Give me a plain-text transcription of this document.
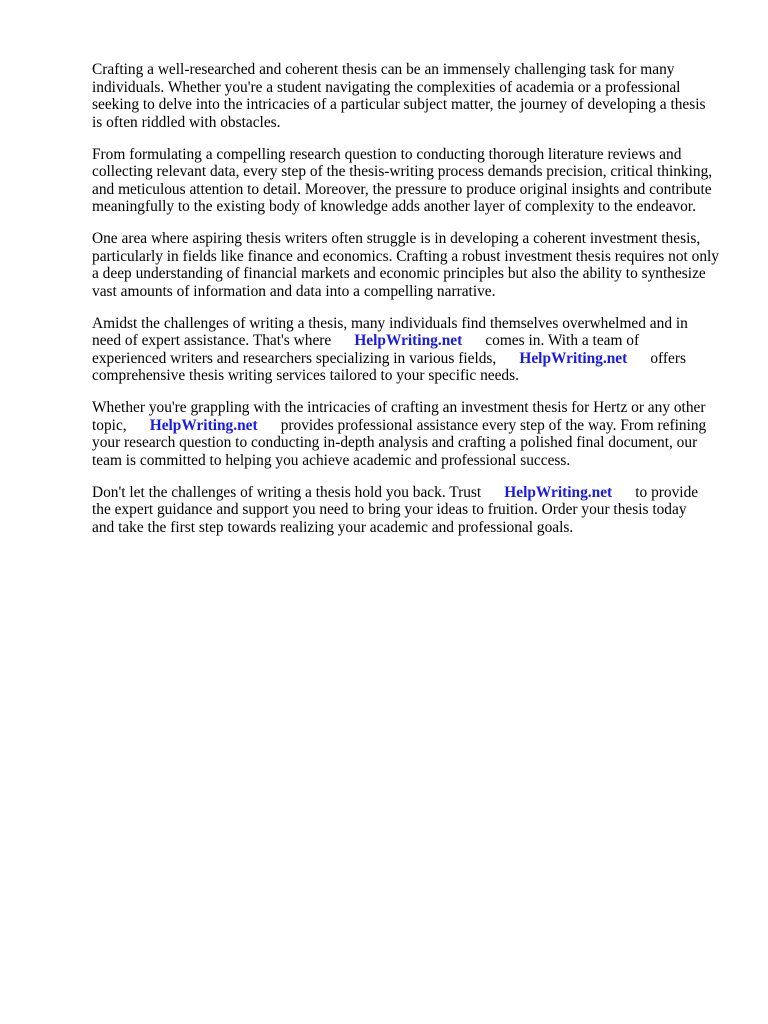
Crafting a well-researched and coherent thesis can be an immensely challenging task for many
individuals. Whether you're a student navigating the complexities of academia or a professional
seeking to delve into the intricacies of a particular subject matter, the journey of developing a thesis
is often riddled with obstacles.

From formulating a compelling research question to conducting thorough literature reviews and
collecting relevant data, every step of the thesis-writing process demands precision, critical thinking,
and meticulous attention to detail. Moreover, the pressure to produce original insights and contribute
meaningfully to the existing body of knowledge adds another layer of complexity to the endeavor.

One area where aspiring thesis writers often struggle is in developing a coherent investment thesis,
particularly in fields like finance and economics. Crafting a robust investment thesis requires not only
a deep understanding of financial markets and economic principles but also the ability to synthesize
vast amounts of information and data into a compelling narrative.

Amidst the challenges of writing a thesis, many individuals find themselves overwhelmed and in
need of expert assistance. That's where      HelpWriting.net      comes in. With a team of
experienced writers and researchers specializing in various fields,      HelpWriting.net      offers
comprehensive thesis writing services tailored to your specific needs.

Whether you're grappling with the intricacies of crafting an investment thesis for Hertz or any other
topic,      HelpWriting.net      provides professional assistance every step of the way. From refining
your research question to conducting in-depth analysis and crafting a polished final document, our
team is committed to helping you achieve academic and professional success.

Don't let the challenges of writing a thesis hold you back. Trust      HelpWriting.net      to provide
the expert guidance and support you need to bring your ideas to fruition. Order your thesis today
and take the first step towards realizing your academic and professional goals.
